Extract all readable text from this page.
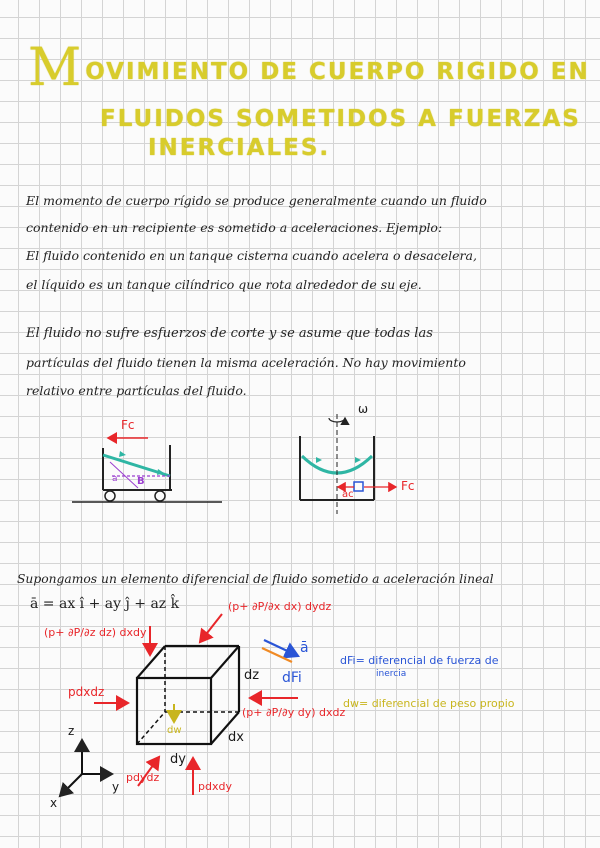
MOVIMIENTO DE CUERPO RIGIDO EN
FLUIDOS SOMETIDOS A FUERZAS
INERCIALES.
El momento de cuerpo rígido se produce generalmente cuando un fluido
contenido en un recipiente es sometido a aceleraciones. Ejemplo:
El fluido contenido en un tanque cisterna cuando acelera o desacelera,
el líquido es un tanque cilíndrico que rota alrededor de su eje.
El fluido no sufre esfuerzos de corte y se asume que todas las
partículas del fluido tienen la misma aceleración. No hay movimiento
relativo entre partículas del fluido.
Fc
a B
ω
Fc
ac
Supongamos un elemento diferencial de fluido sometido a aceleración lineal
ā = ax î + ay ĵ + az k̂	(p+ ∂P/∂x dx) dydz
(p+ ∂P/∂z dz) dxdy
pdxdz
(p+ ∂P/∂y dy) dxdz
pdydz
pdxdy
dz
dx
dy
dw
ā
dFi
z
y
x
dFi= diferencial de fuerza de
inercia
dw= diferencial de peso propio
